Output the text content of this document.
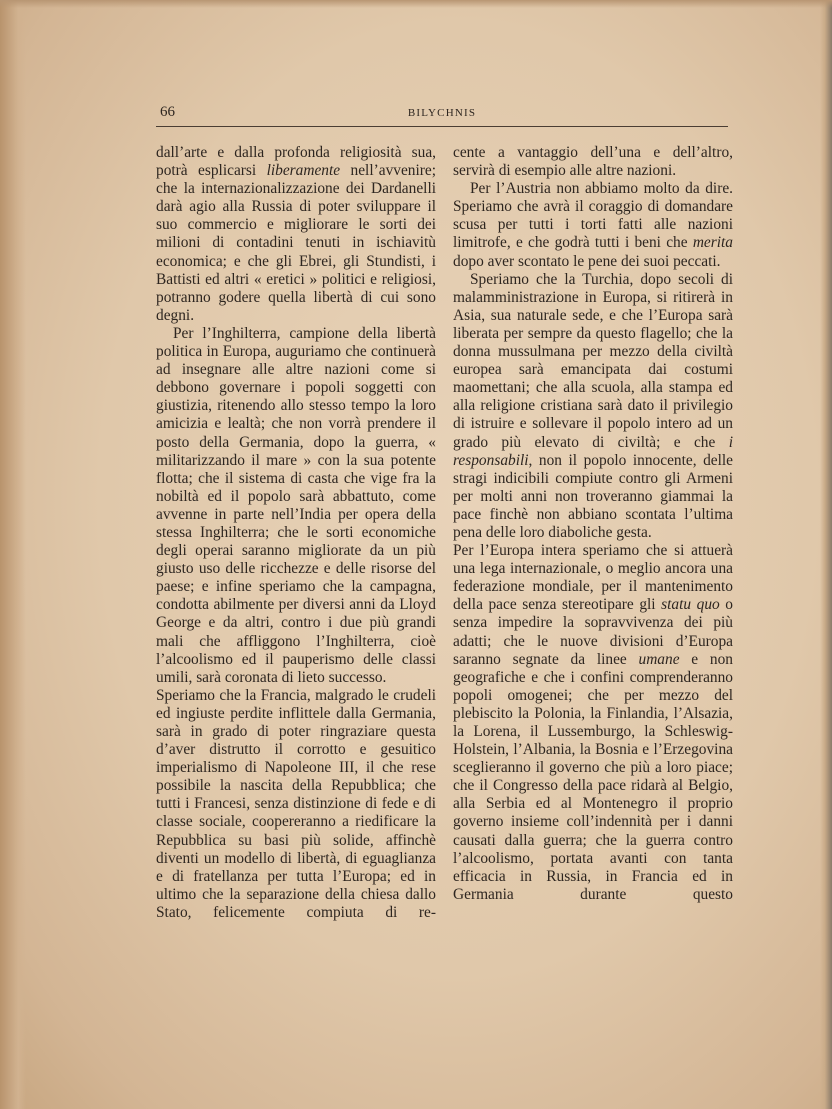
66	BILYCHNIS

dall’arte e dalla profonda religiosità sua, potrà esplicarsi liberamente nell’avvenire; che la internazionalizzazione dei Dardanelli darà agio alla Russia di poter sviluppare il suo commercio e migliorare le sorti dei milioni di contadini tenuti in ischiavitù economica; e che gli Ebrei, gli Stundisti, i Battisti ed altri « eretici » politici e religiosi, potranno godere quella libertà di cui sono degni.

Per l’Inghilterra, campione della libertà politica in Europa, auguriamo che continuerà ad insegnare alle altre nazioni come si debbono governare i popoli soggetti con giustizia, ritenendo allo stesso tempo la loro amicizia e lealtà; che non vorrà prendere il posto della Germania, dopo la guerra, « militarizzando il mare » con la sua potente flotta; che il sistema di casta che vige fra la nobiltà ed il popolo sarà abbattuto, come avvenne in parte nell’India per opera della stessa Inghilterra; che le sorti economiche degli operai saranno migliorate da un più giusto uso delle ricchezze e delle risorse del paese; e infine speriamo che la campagna, condotta abilmente per diversi anni da Lloyd George e da altri, contro i due più grandi mali che affliggono l’Inghilterra, cioè l’alcoolismo ed il pauperismo delle classi umili, sarà coronata di lieto successo.

Speriamo che la Francia, malgrado le crudeli ed ingiuste perdite inflittele dalla Germania, sarà in grado di poter ringraziare questa d’aver distrutto il corrotto e gesuitico imperialismo di Napoleone III, il che rese possibile la nascita della Repubblica; che tutti i Francesi, senza distinzione di fede e di classe sociale, coopereranno a riedificare la Repubblica su basi più solide, affinchè diventi un modello di libertà, di eguaglianza e di fratellanza per tutta l’Europa; ed in ultimo che la separazione della chiesa dallo Stato, felicemente compiuta di re-

cente a vantaggio dell’una e dell’altro, servirà di esempio alle altre nazioni.

Per l’Austria non abbiamo molto da dire. Speriamo che avrà il coraggio di domandare scusa per tutti i torti fatti alle nazioni limitrofe, e che godrà tutti i beni che merita dopo aver scontato le pene dei suoi peccati.

Speriamo che la Turchia, dopo secoli di malamministrazione in Europa, si ritirerà in Asia, sua naturale sede, e che l’Europa sarà liberata per sempre da questo flagello; che la donna mussulmana per mezzo della civiltà europea sarà emancipata dai costumi maomettani; che alla scuola, alla stampa ed alla religione cristiana sarà dato il privilegio di istruire e sollevare il popolo intero ad un grado più elevato di civiltà; e che i responsabili, non il popolo innocente, delle stragi indicibili compiute contro gli Armeni per molti anni non troveranno giammai la pace finchè non abbiano scontata l’ultima pena delle loro diaboliche gesta.

Per l’Europa intera speriamo che si attuerà una lega internazionale, o meglio ancora una federazione mondiale, per il mantenimento della pace senza stereotipare gli statu quo o senza impedire la sopravvivenza dei più adatti; che le nuove divisioni d’Europa saranno segnate da linee umane e non geografiche e che i confini comprenderanno popoli omogenei; che per mezzo del plebiscito la Polonia, la Finlandia, l’Alsazia, la Lorena, il Lussemburgo, la Schleswig-Holstein, l’Albania, la Bosnia e l’Erzegovina sceglieranno il governo che più a loro piace; che il Congresso della pace ridarà al Belgio, alla Serbia ed al Montenegro il proprio governo insieme coll’indennità per i danni causati dalla guerra; che la guerra contro l’alcoolismo, portata avanti con tanta efficacia in Russia, in Francia ed in Germania durante questo
